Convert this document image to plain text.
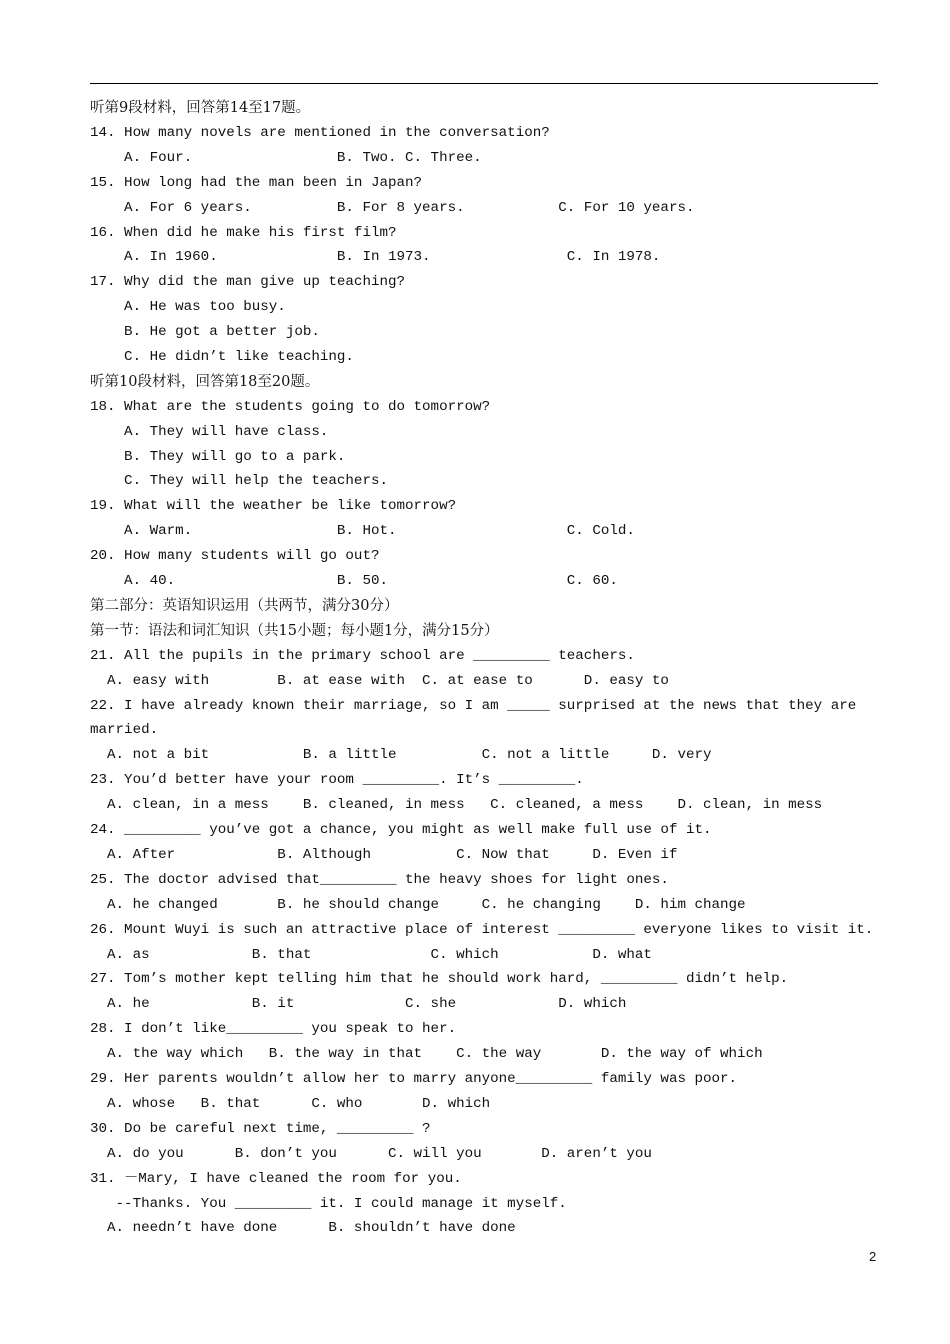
听第9段材料，回答第14至17题。
14. How many novels are mentioned in the conversation?
A. Four.                 B. Two. C. Three.
15. How long had the man been in Japan?
A. For 6 years.          B. For 8 years.           C. For 10 years.
16. When did he make his first film?
A. In 1960.              B. In 1973.                C. In 1978.
17. Why did the man give up teaching?
A. He was too busy.
B. He got a better job.
C. He didn’t like teaching.
听第10段材料，回答第18至20题。
18. What are the students going to do tomorrow?
A. They will have class.
B. They will go to a park.
C. They will help the teachers.
19. What will the weather be like tomorrow?
A. Warm.                 B. Hot.                    C. Cold.
20. How many students will go out?
A. 40.                   B. 50.                     C. 60.
第二部分：英语知识运用（共两节，满分30分）
第一节：语法和词汇知识（共15小题；每小题1分，满分15分）
21. All the pupils in the primary school are _________ teachers.
A. easy with        B. at ease with  C. at ease to      D. easy to
22. I have already known their marriage, so I am _____ surprised at the news that they are
married.
A. not a bit           B. a little          C. not a little     D. very
23. You’d better have your room _________. It’s _________.
A. clean, in a mess    B. cleaned, in mess   C. cleaned, a mess    D. clean, in mess
24. _________ you’ve got a chance, you might as well make full use of it.
A. After            B. Although          C. Now that     D. Even if
25. The doctor advised that_________ the heavy shoes for light ones.
A. he changed       B. he should change     C. he changing    D. him change
26. Mount Wuyi is such an attractive place of interest _________ everyone likes to visit it.
A. as            B. that              C. which           D. what
27. Tom’s mother kept telling him that he should work hard, _________ didn’t help.
A. he            B. it             C. she            D. which
28. I don’t like_________ you speak to her.
A. the way which   B. the way in that    C. the way       D. the way of which
29. Her parents wouldn’t allow her to marry anyone_________ family was poor.
A. whose   B. that      C. who       D. which
30. Do be careful next time, _________ ?
A. do you      B. don’t you      C. will you       D. aren’t you
31. －Mary, I have cleaned the room for you.
--Thanks. You _________ it. I could manage it myself.
A. needn’t have done      B. shouldn’t have done
2
